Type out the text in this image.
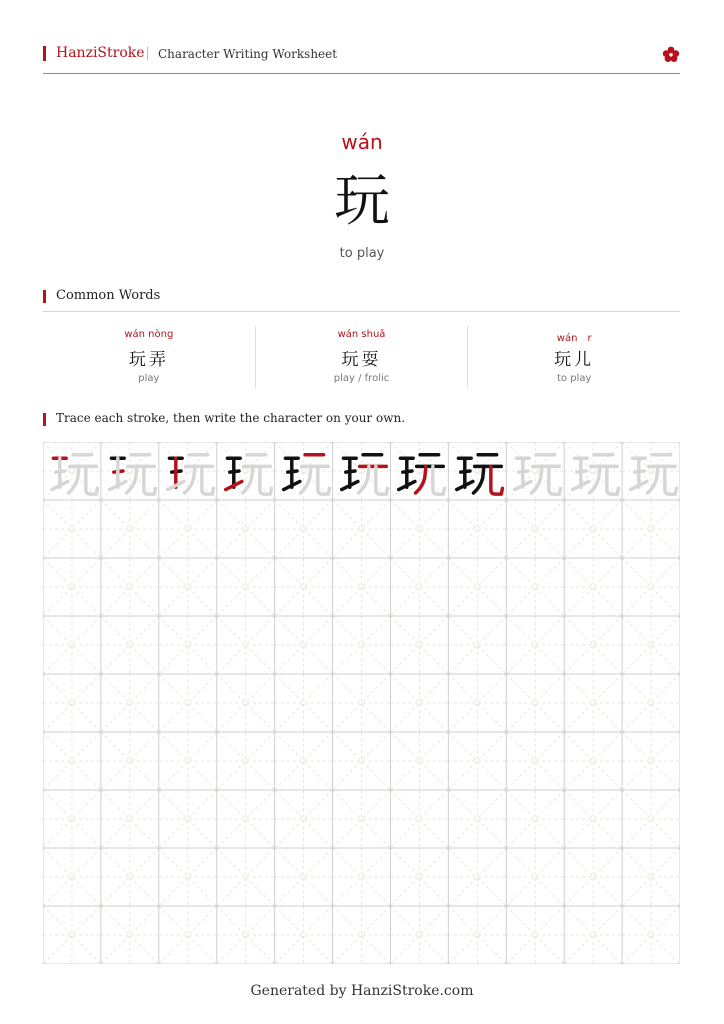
HanziStroke Character Writing Worksheet
wán
玩
to play
Common Words
wán nòng
玩弄
play
wán shuǎ
玩耍
play / frolic
wán　r
玩儿
to play
Trace each stroke, then write the character on your own.
Generated by HanziStroke.com
